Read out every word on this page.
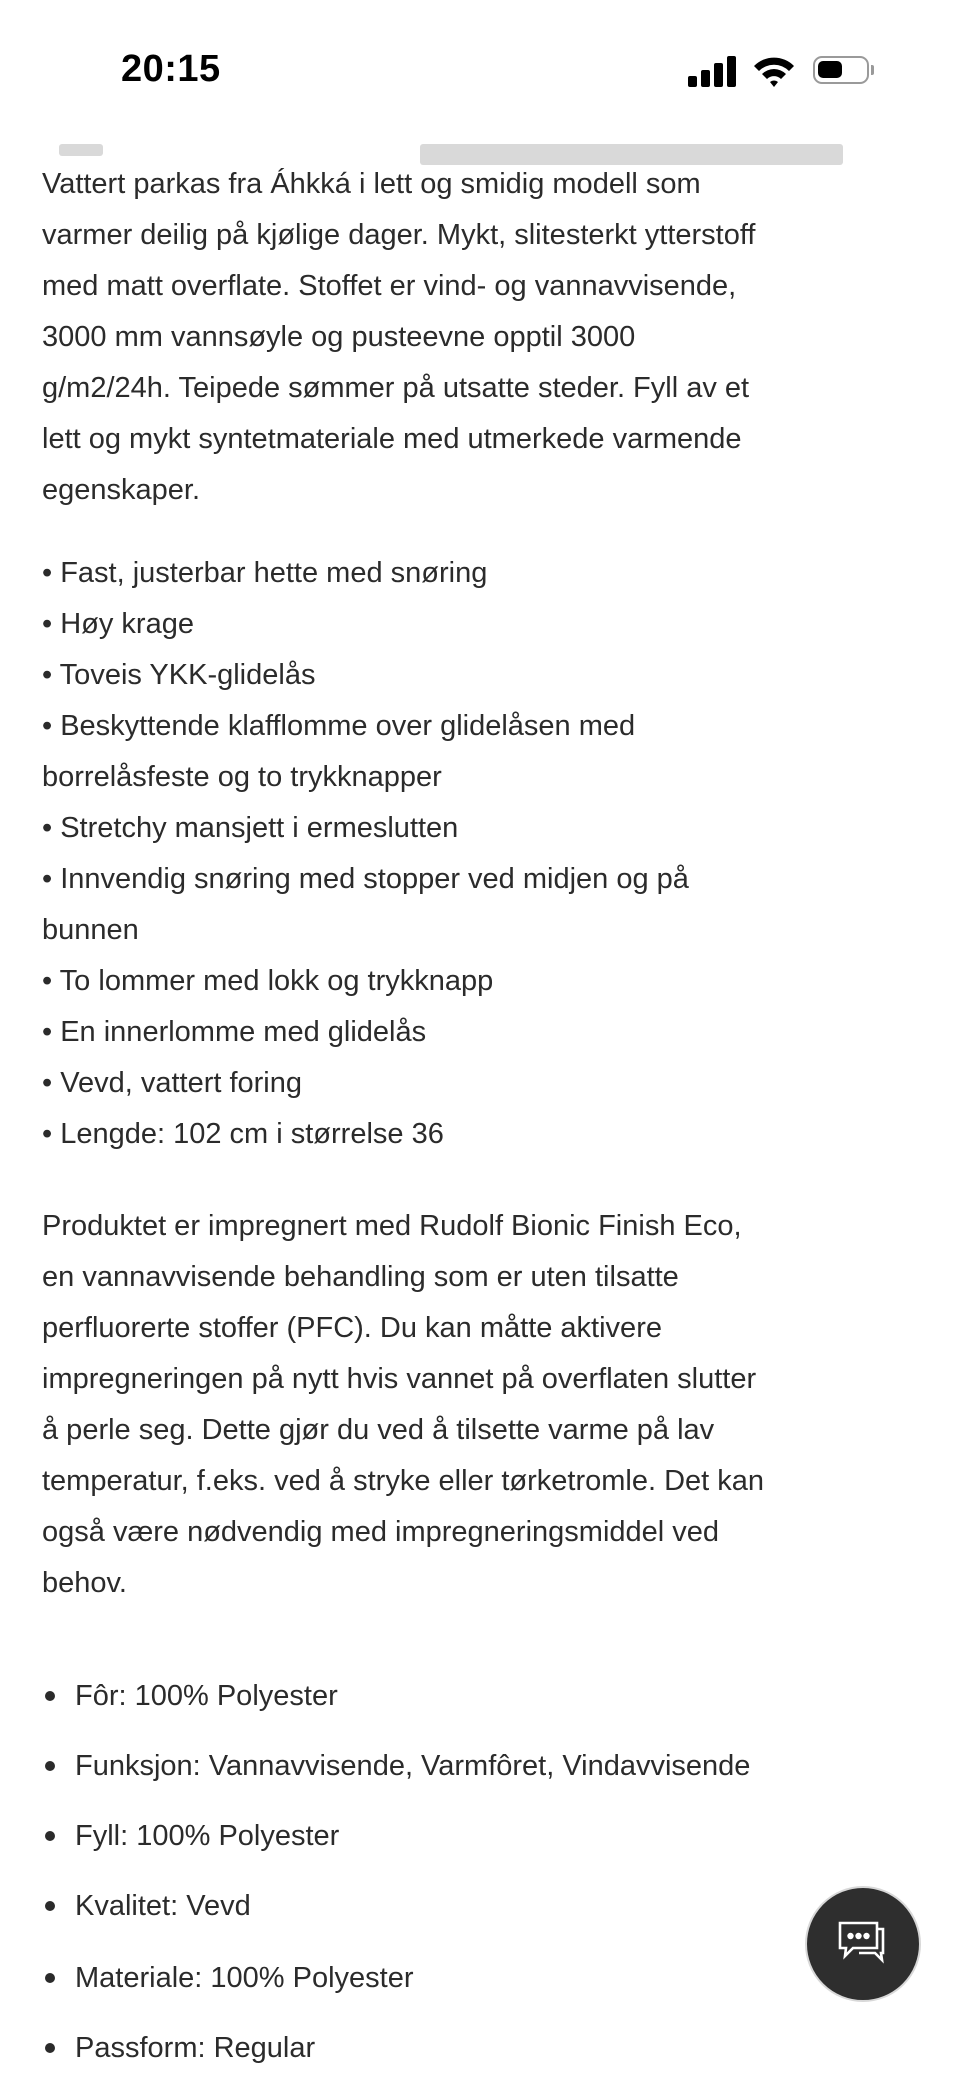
20:15
Vattert parkas fra Áhkká i lett og smidig modell som
varmer deilig på kjølige dager. Mykt, slitesterkt ytterstoff
med matt overflate. Stoffet er vind- og vannavvisende,
3000 mm vannsøyle og pusteevne opptil 3000
g/m2/24h. Teipede sømmer på utsatte steder. Fyll av et
lett og mykt syntetmateriale med utmerkede varmende
egenskaper.
• Fast, justerbar hette med snøring
• Høy krage
• Toveis YKK-glidelås
• Beskyttende klafflomme over glidelåsen med
borrelåsfeste og to trykknapper
• Stretchy mansjett i ermeslutten
• Innvendig snøring med stopper ved midjen og på
bunnen
• To lommer med lokk og trykknapp
• En innerlomme med glidelås
• Vevd, vattert foring
• Lengde: 102 cm i størrelse 36
Produktet er impregnert med Rudolf Bionic Finish Eco,
en vannavvisende behandling som er uten tilsatte
perfluorerte stoffer (PFC). Du kan måtte aktivere
impregneringen på nytt hvis vannet på overflaten slutter
å perle seg. Dette gjør du ved å tilsette varme på lav
temperatur, f.eks. ved å stryke eller tørketromle. Det kan
også være nødvendig med impregneringsmiddel ved
behov.
Fôr: 100% Polyester
Funksjon: Vannavvisende, Varmfôret, Vindavvisende
Fyll: 100% Polyester
Kvalitet: Vevd
Materiale: 100% Polyester
Passform: Regular
